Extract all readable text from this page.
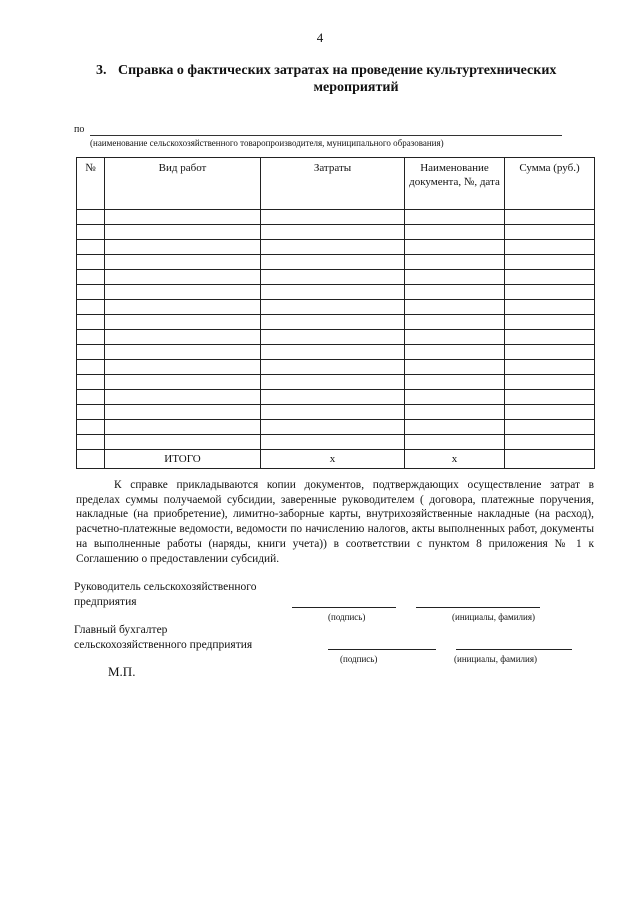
4
3. Справка о фактических затратах на проведение культуртехнических
мероприятий
по
(наименование сельскохозяйственного товаропроизводителя, муниципального образования)
№	Вид работ	Затраты	Наименование документа, №, дата	Сумма (руб.)

	ИТОГО	х	х	
К справке прикладываются копии документов, подтверждающих осуществление затрат в пределах суммы получаемой субсидии, заверенные руководителем ( договора, платежные поручения, накладные (на приобретение), лимитно-заборные карты, внутрихозяйственные накладные (на расход), расчетно-платежные ведомости, ведомости по начислению налогов, акты выполненных работ, документы на выполненные работы (наряды, книги учета)) в соответствии с пунктом 8 приложения № 1 к Соглашению о предоставлении субсидий.
Руководитель сельскохозяйственного
предприятия
(подпись)	(инициалы, фамилия)
Главный бухгалтер
сельскохозяйственного предприятия
(подпись)	(инициалы, фамилия)
М.П.
